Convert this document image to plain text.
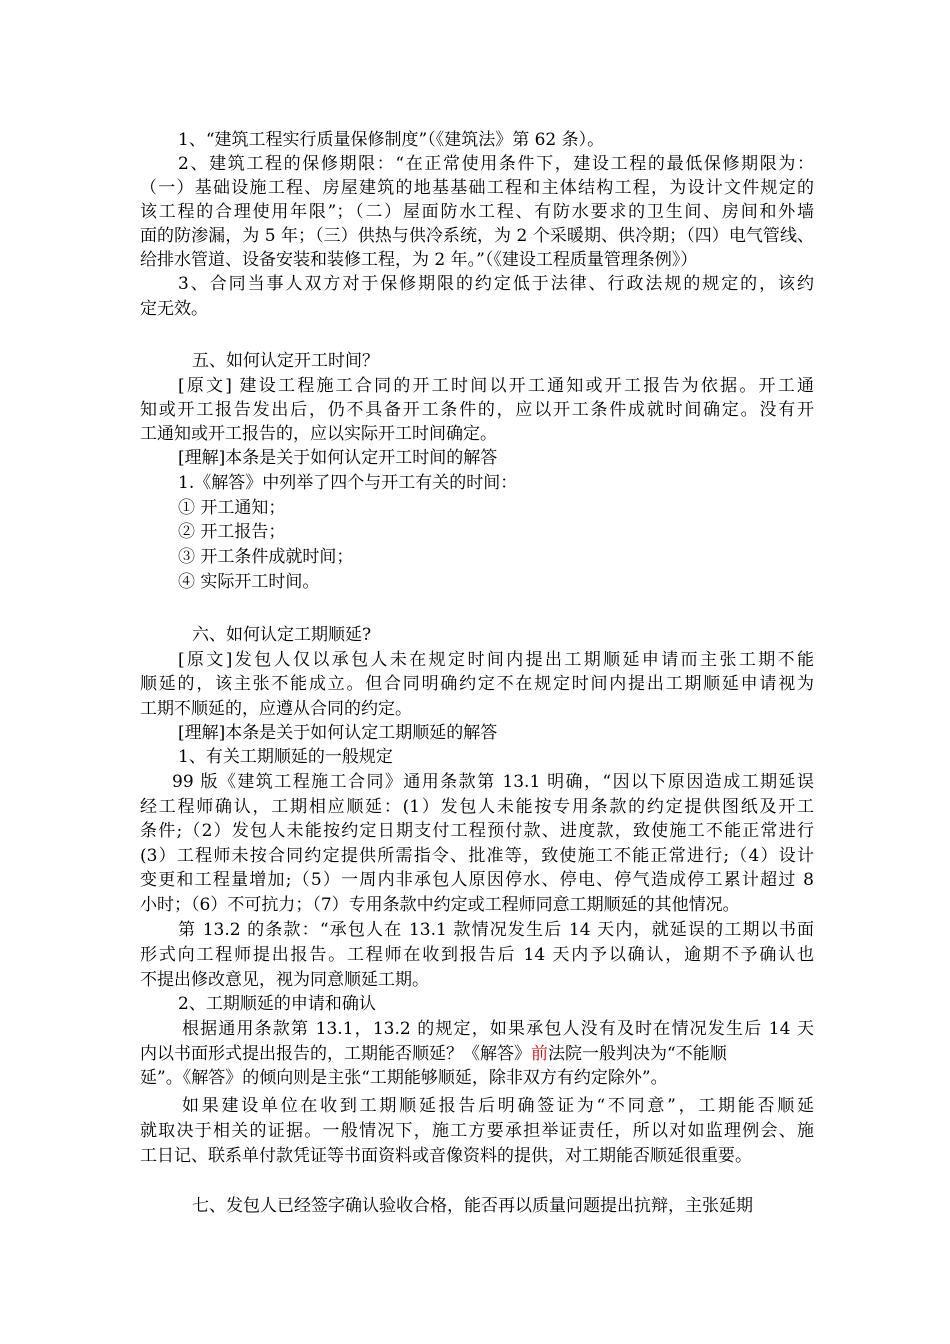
1、“建筑工程实行质量保修制度”（《建筑法》第 62 条）。
2、建筑工程的保修期限：“在正常使用条件下，建设工程的最低保修期限为：
（一）基础设施工程、房屋建筑的地基基础工程和主体结构工程，为设计文件规定的
该工程的合理使用年限”；（二）屋面防水工程、有防水要求的卫生间、房间和外墙
面的防渗漏，为 5 年；（三）供热与供冷系统，为 2 个采暖期、供冷期；（四）电气管线、
给排水管道、设备安装和装修工程，为 2 年。”（《建设工程质量管理条例》）
3、合同当事人双方对于保修期限的约定低于法律、行政法规的规定的，该约
定无效。
五、如何认定开工时间？
[原文] 建设工程施工合同的开工时间以开工通知或开工报告为依据。开工通
知或开工报告发出后，仍不具备开工条件的，应以开工条件成就时间确定。没有开
工通知或开工报告的，应以实际开工时间确定。
[理解]本条是关于如何认定开工时间的解答
1.《解答》中列举了四个与开工有关的时间：
① 开工通知；
② 开工报告；
③ 开工条件成就时间；
④ 实际开工时间。
六、如何认定工期顺延?
[原文]发包人仅以承包人未在规定时间内提出工期顺延申请而主张工期不能
顺延的，该主张不能成立。但合同明确约定不在规定时间内提出工期顺延申请视为
工期不顺延的，应遵从合同的约定。
[理解]本条是关于如何认定工期顺延的解答
1、有关工期顺延的一般规定
99 版《建筑工程施工合同》通用条款第 13.1 明确，“因以下原因造成工期延误
经工程师确认，工期相应顺延：(1）发包人未能按专用条款的约定提供图纸及开工
条件;（2）发包人未能按约定日期支付工程预付款、进度款，致使施工不能正常进行
(3）工程师未按合同约定提供所需指令、批准等，致使施工不能正常进行;（4）设计
变更和工程量增加;（5）一周内非承包人原因停水、停电、停气造成停工累计超过 8
小时；（6）不可抗力；（7）专用条款中约定或工程师同意工期顺延的其他情况。
第 13.2 的条款：“承包人在 13.1 款情况发生后 14 天内，就延误的工期以书面
形式向工程师提出报告。工程师在收到报告后 14 天内予以确认，逾期不予确认也
不提出修改意见，视为同意顺延工期。
2、工期顺延的申请和确认
根据通用条款第 13.1，13.2 的规定，如果承包人没有及时在情况发生后 14 天
内以书面形式提出报告的，工期能否顺延？《解答》前法院一般判决为“不能顺
延”。《解答》的倾向则是主张“工期能够顺延，除非双方有约定除外”。
如果建设单位在收到工期顺延报告后明确签证为“不同意”，工期能否顺延
就取决于相关的证据。一般情况下，施工方要承担举证责任，所以对如监理例会、施
工日记、联系单付款凭证等书面资料或音像资料的提供，对工期能否顺延很重要。
七、发包人已经签字确认验收合格，能否再以质量问题提出抗辩，主张延期
